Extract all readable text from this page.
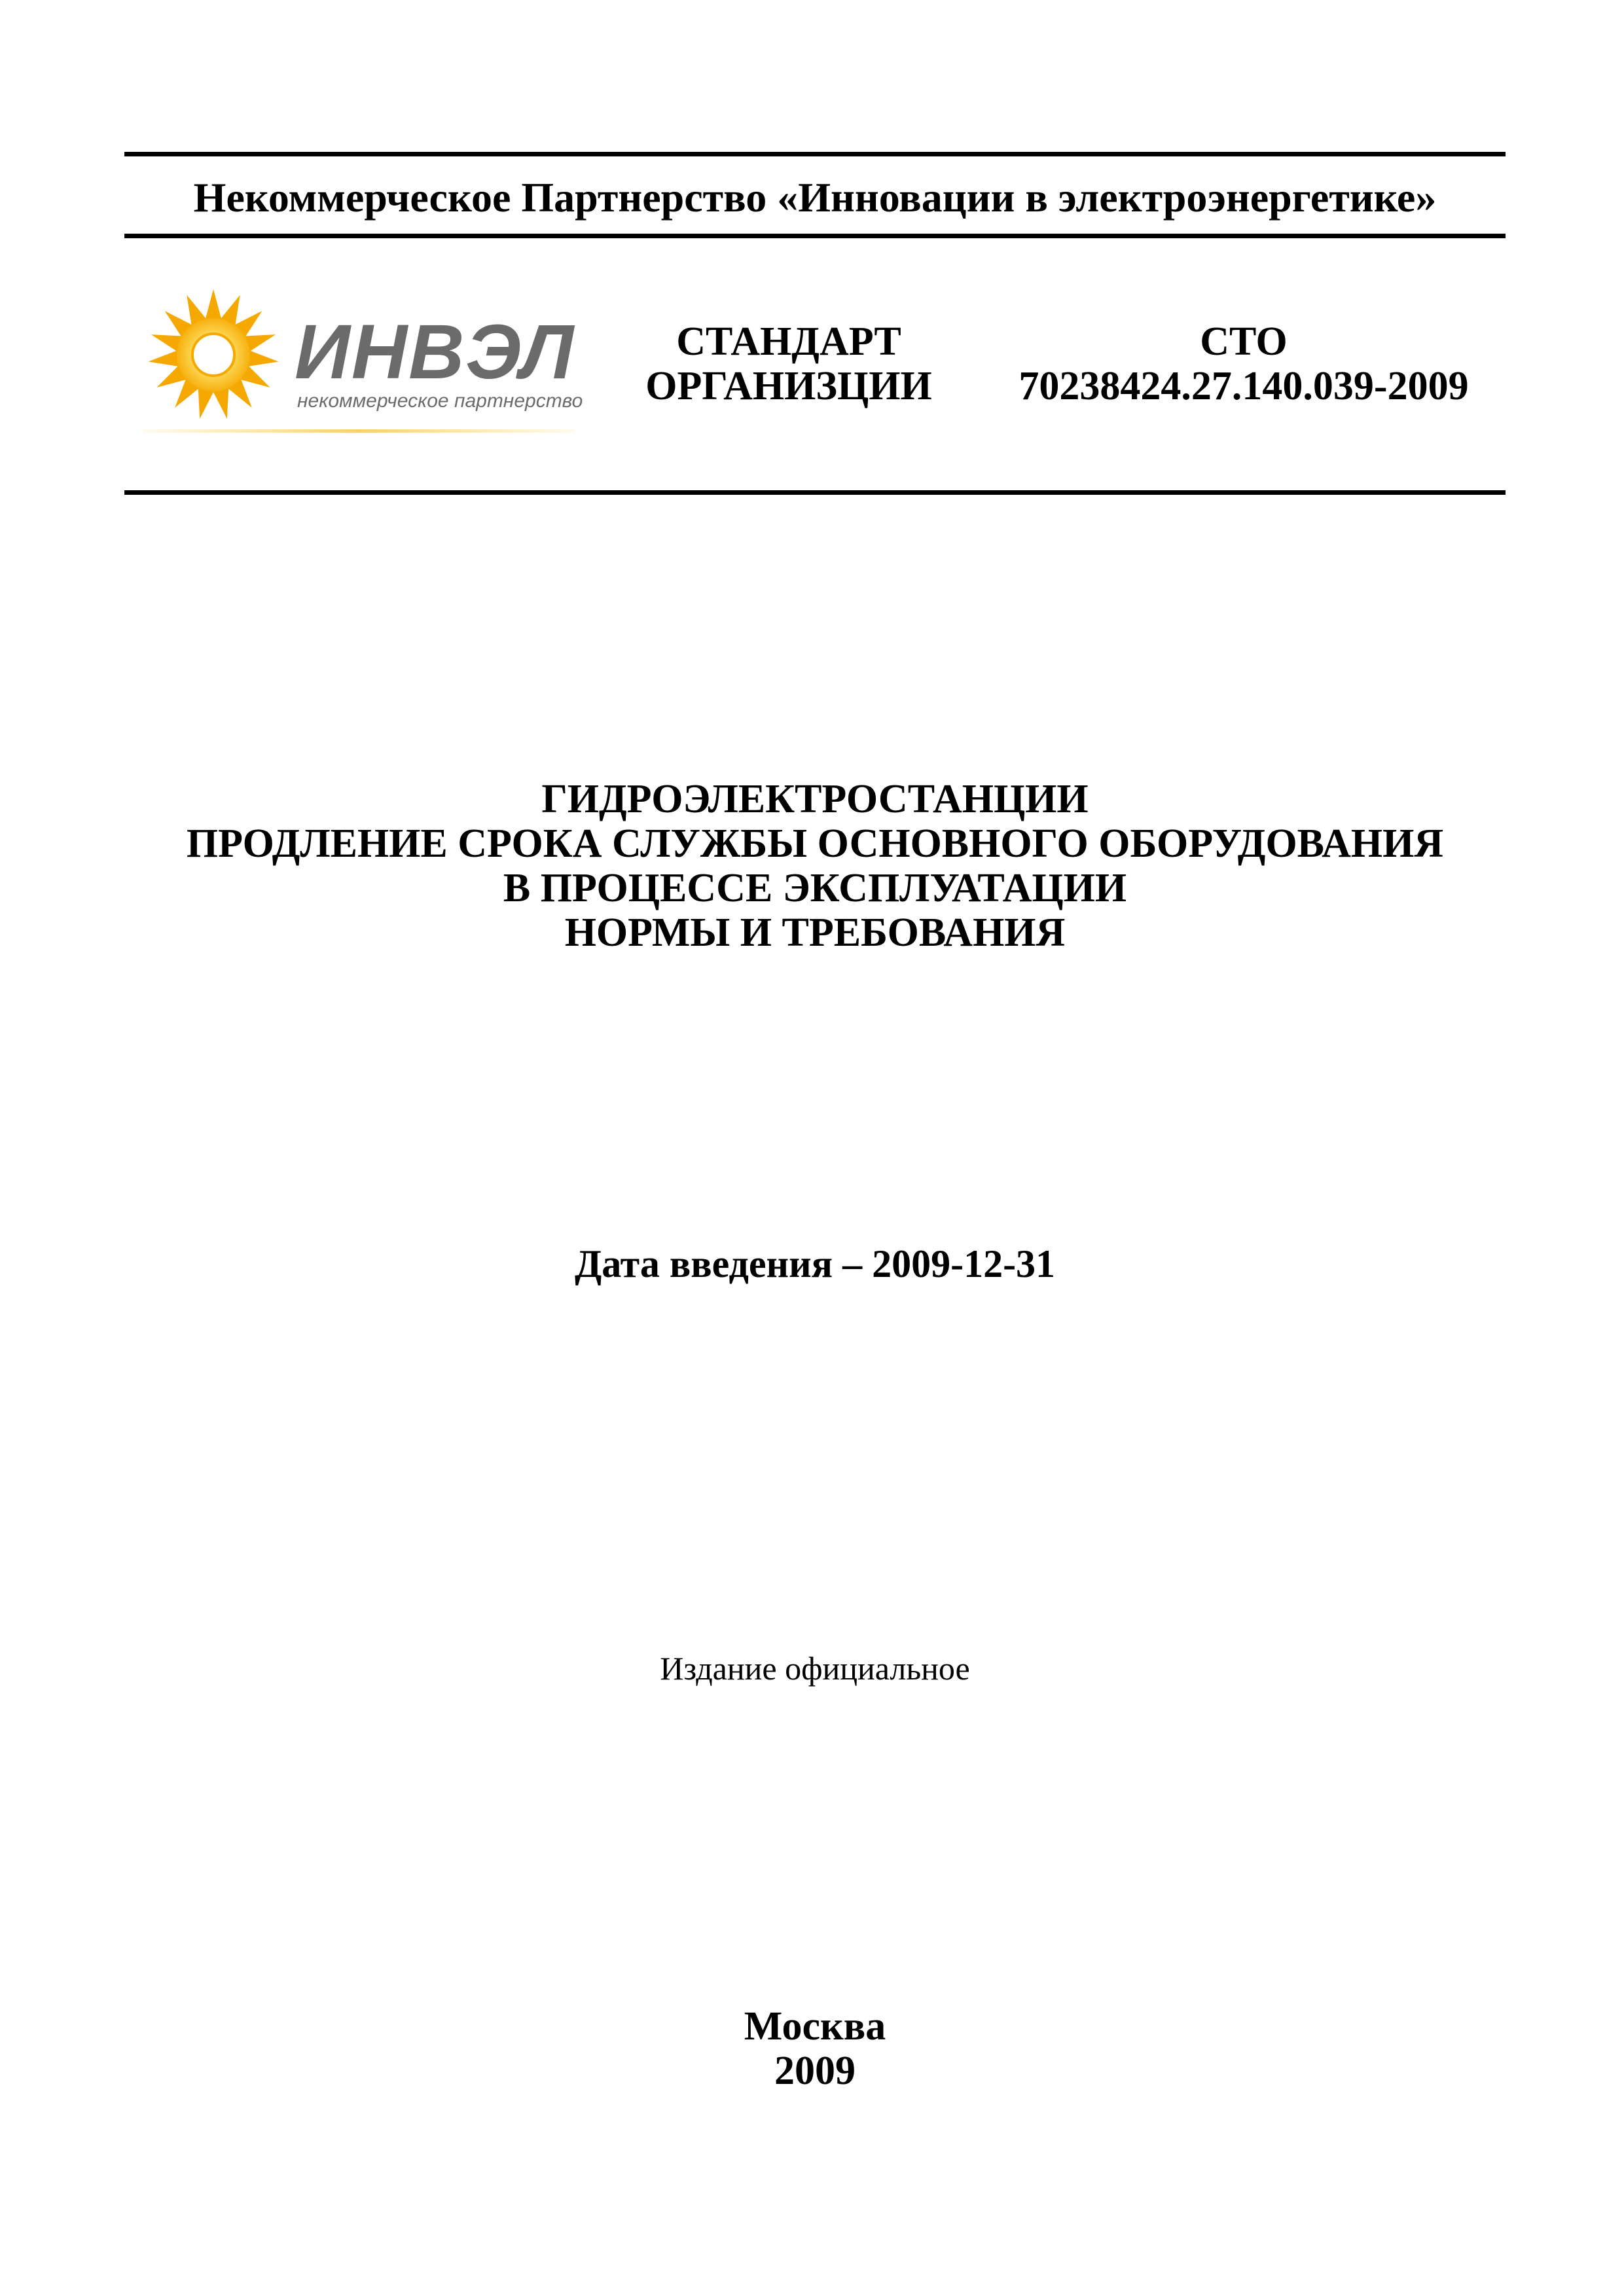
Некоммерческое Партнерство «Инновации в электроэнергетике»
ИНВЭЛ
некоммерческое партнерство
СТАНДАРТ
ОРГАНИЗЦИИ
СТО
70238424.27.140.039-2009
ГИДРОЭЛЕКТРОСТАНЦИИ
ПРОДЛЕНИЕ СРОКА СЛУЖБЫ ОСНОВНОГО ОБОРУДОВАНИЯ
В ПРОЦЕССЕ ЭКСПЛУАТАЦИИ
НОРМЫ И ТРЕБОВАНИЯ
Дата введения – 2009-12-31
Издание официальное
Москва
2009
